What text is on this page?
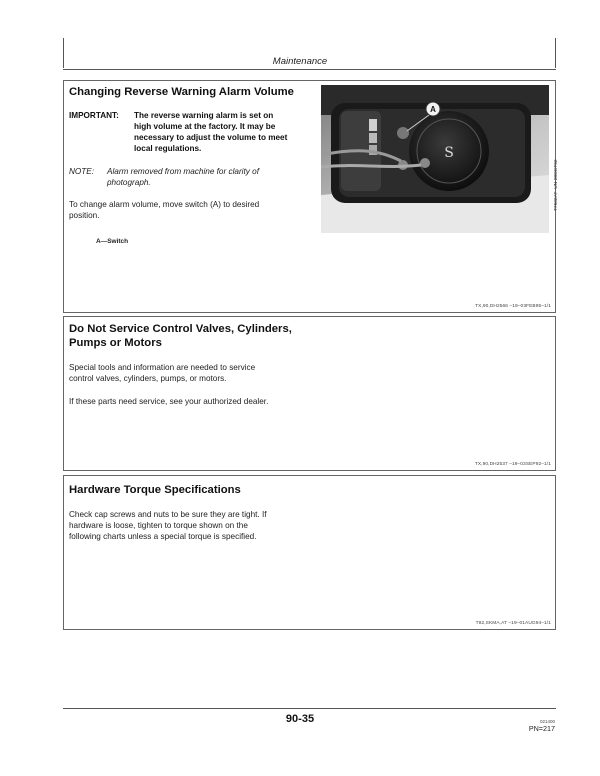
Maintenance
Changing Reverse Warning Alarm Volume
IMPORTANT: The reverse warning alarm is set on
high volume at the factory. It may be
necessary to adjust the volume to meet
local regulations.
NOTE:	Alarm removed from machine for clarity of
photograph.
To change alarm volume, move switch (A) to desired
position.
A—Switch
S
A
T7502AT -UN-28OCT92
TX,90,DH2566 –19–03FEB95–1/1
Do Not Service Control Valves, Cylinders,
Pumps or Motors
Special tools and information are needed to service
control valves, cylinders, pumps, or motors.
If these parts need service, see your authorized dealer.
TX,90,DH2537 –19–03SEP92–1/1
Hardware Torque Specifications
Check cap screws and nuts to be sure they are tight. If
hardware is loose, tighten to torque shown on the
following charts unless a special torque is specified.
T82,SKMA,AT –19–01AUG94–1/1
90-35	021400
PN=217
